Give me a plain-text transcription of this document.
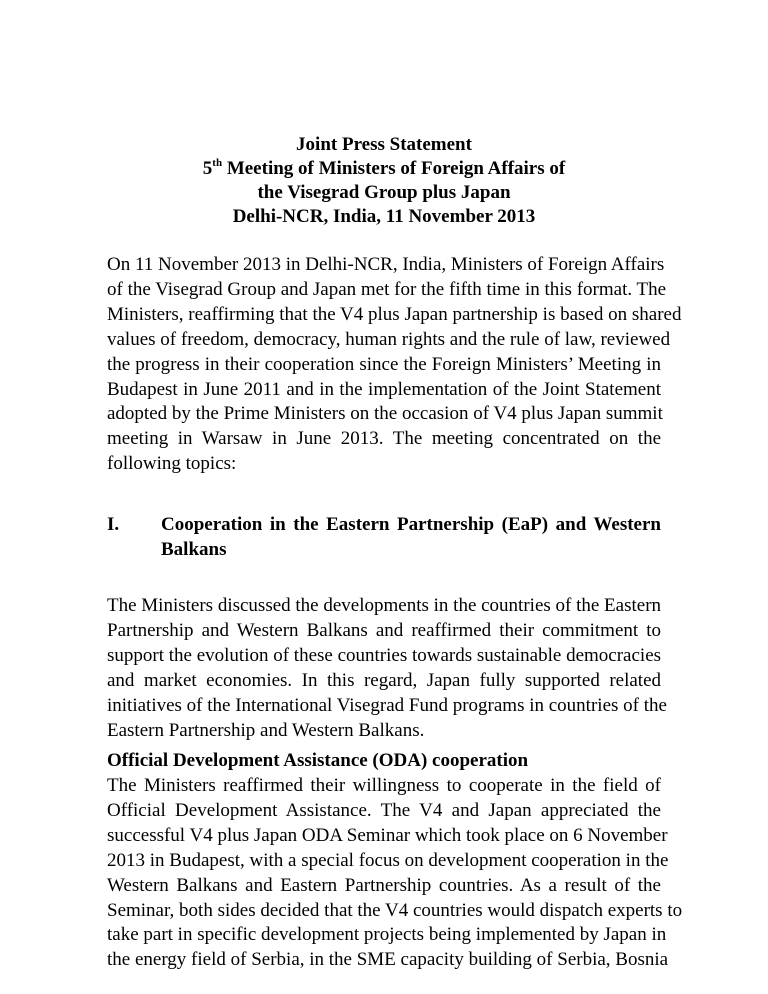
Joint Press Statement
5th Meeting of Ministers of Foreign Affairs of
the Visegrad Group plus Japan
Delhi-NCR, India, 11 November 2013
On 11 November 2013 in Delhi-NCR, India, Ministers of Foreign Affairs
of the Visegrad Group and Japan met for the fifth time in this format. The
Ministers, reaffirming that the V4 plus Japan partnership is based on shared
values of freedom, democracy, human rights and the rule of law, reviewed
the progress in their cooperation since the Foreign Ministers’ Meeting in
Budapest in June 2011 and in the implementation of the Joint Statement
adopted by the Prime Ministers on the occasion of V4 plus Japan summit
meeting in Warsaw in June 2013. The meeting concentrated on the
following topics:
I. Cooperation in the Eastern Partnership (EaP) and Western
Balkans
The Ministers discussed the developments in the countries of the Eastern
Partnership and Western Balkans and reaffirmed their commitment to
support the evolution of these countries towards sustainable democracies
and market economies. In this regard, Japan fully supported related
initiatives of the International Visegrad Fund programs in countries of the
Eastern Partnership and Western Balkans.
Official Development Assistance (ODA) cooperation
The Ministers reaffirmed their willingness to cooperate in the field of
Official Development Assistance. The V4 and Japan appreciated the
successful V4 plus Japan ODA Seminar which took place on 6 November
2013 in Budapest, with a special focus on development cooperation in the
Western Balkans and Eastern Partnership countries. As a result of the
Seminar, both sides decided that the V4 countries would dispatch experts to
take part in specific development projects being implemented by Japan in
the energy field of Serbia, in the SME capacity building of Serbia, Bosnia
